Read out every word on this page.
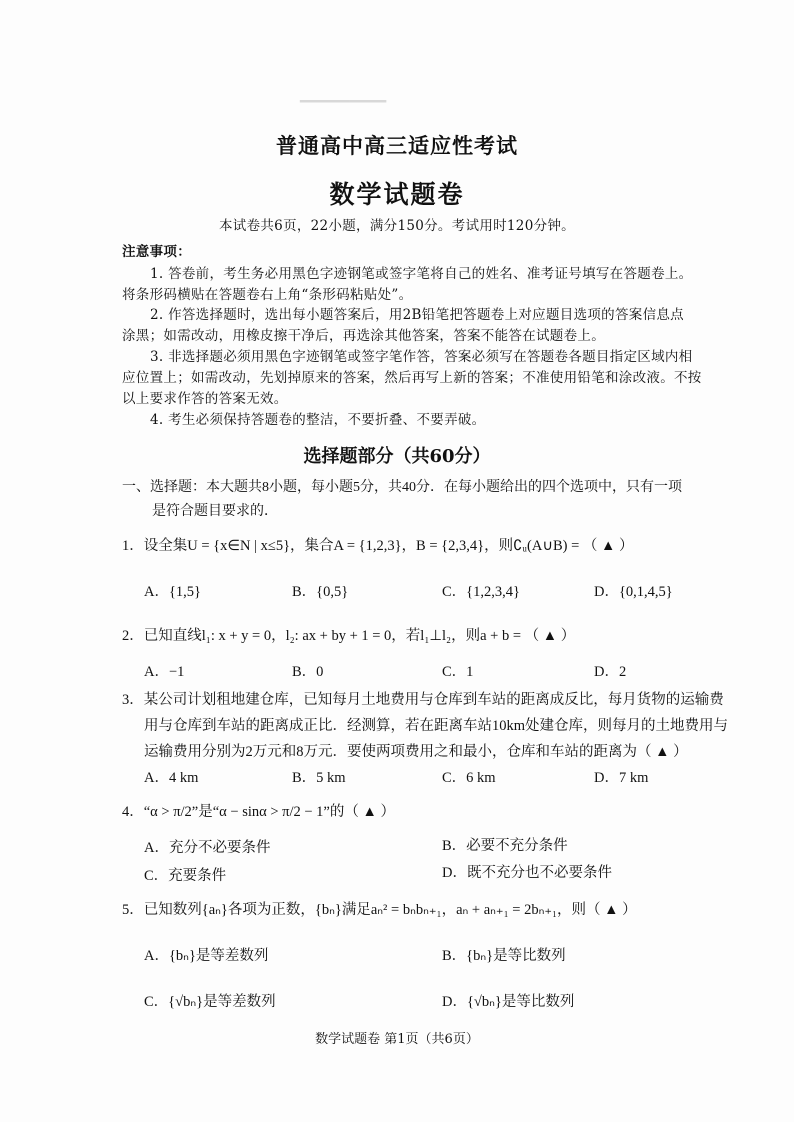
▔▔▔▔▔▔▔
普通高中高三适应性考试
数学试题卷
本试卷共6页，22小题，满分150分。考试用时120分钟。
注意事项：
1. 答卷前，考生务必用黑色字迹钢笔或签字笔将自己的姓名、准考证号填写在答题卷上。
将条形码横贴在答题卷右上角“条形码粘贴处”。
2. 作答选择题时，选出每小题答案后，用2B铅笔把答题卷上对应题目选项的答案信息点
涂黑；如需改动，用橡皮擦干净后，再选涂其他答案，答案不能答在试题卷上。
3. 非选择题必须用黑色字迹钢笔或签字笔作答，答案必须写在答题卷各题目指定区域内相
应位置上；如需改动，先划掉原来的答案，然后再写上新的答案；不准使用铅笔和涂改液。不按
以上要求作答的答案无效。
4. 考生必须保持答题卷的整洁，不要折叠、不要弄破。
选择题部分（共60分）
一、选择题：本大题共8小题，每小题5分，共40分．在每小题给出的四个选项中，只有一项
是符合题目要求的．
1．设全集U = {x∈N | x≤5}，集合A = {1,2,3}，B = {2,3,4}，则∁ᵤ(A∪B) = （ ▲ ）
A．{1,5}	B．{0,5}	C．{1,2,3,4}	D．{0,1,4,5}
2．已知直线l₁: x + y = 0，l₂: ax + by + 1 = 0，若l₁⊥l₂，则a + b = （ ▲ ）
A．−1	B．0	C．1	D．2
3．某公司计划租地建仓库，已知每月土地费用与仓库到车站的距离成反比，每月货物的运输费
用与仓库到车站的距离成正比．经测算，若在距离车站10km处建仓库，则每月的土地费用与
运输费用分别为2万元和8万元．要使两项费用之和最小，仓库和车站的距离为（ ▲ ）
A．4 km	B．5 km	C．6 km	D．7 km
4．“α > π/2”是“α − sinα > π/2 − 1”的（ ▲ ）
A．充分不必要条件	B．必要不充分条件
C．充要条件	D．既不充分也不必要条件
5．已知数列{aₙ}各项为正数，{bₙ}满足aₙ² = bₙbₙ₊₁，aₙ + aₙ₊₁ = 2bₙ₊₁，则（ ▲ ）
A．{bₙ}是等差数列	B．{bₙ}是等比数列
C．{√bₙ}是等差数列	D．{√bₙ}是等比数列
数学试题卷 第1页（共6页）
